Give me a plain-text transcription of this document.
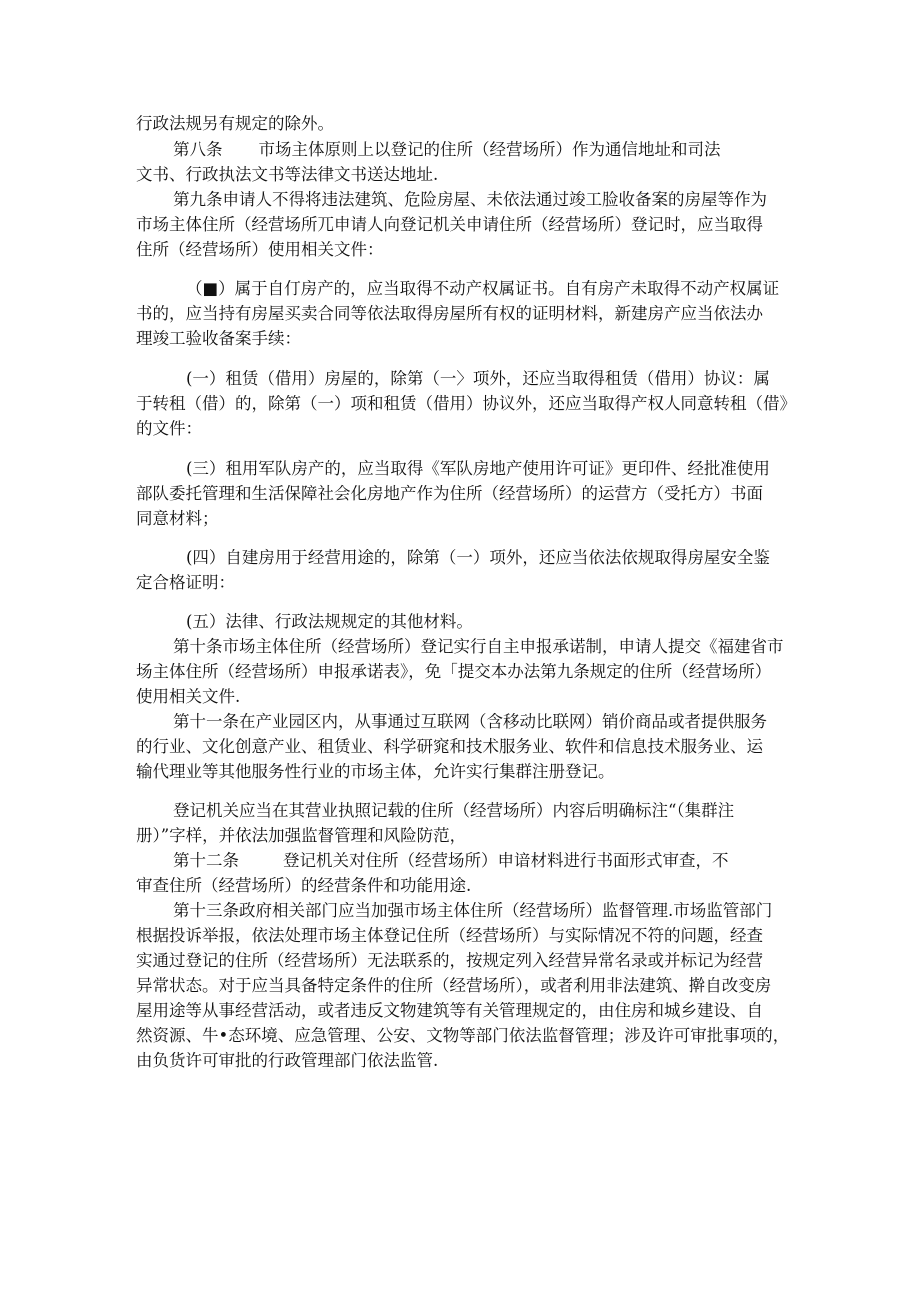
行政法规另有规定的除外。
第八条 市场主体原则上以登记的住所（经营场所）作为通信地址和司法
文书、行政执法文书等法律文书送达地址.
第九条申请人不得将违法建筑、危险房屋、未依法通过竣工脸收备案的房屋等作为
市场主体住所（经营场所兀申请人向登记机关申请住所（经营场所）登记时，应当取得
住所（经营场所）使用相关文件：
（■）属于自仃房产的，应当取得不动产权属证书。自有房产未取得不动产权属证
书的，应当持有房屋买卖合同等依法取得房屋所有权的证明材料，新建房产应当依法办
理竣工验收备案手续：
(一）租赁（借用）房屋的，除第（一〉项外，还应当取得租赁（借用）协议：属
于转租（借）的，除第（一）项和租赁（借用）协议外，还应当取得产权人同意转租（借》
的文件：
(三）租用军队房产的，应当取得《军队房地产使用许可证》更印件、经批准使用
部队委托管理和生活保障社会化房地产作为住所（经营场所）的运营方（受托方）书面
同意材料；
(四）自建房用于经营用途的，除第（一）项外，还应当依法依规取得房屋安全鉴
定合格证明：
(五）法律、行政法规规定的其他材料。
第十条市场主体住所（经营场所）登记实行自主申报承诺制，申请人提交《福建省市
场主体住所（经营场所）申报承诺表》，免「提交本办法第九条规定的住所（经营场所）
使用相关文件.
第十一条在产业园区内，从事通过互联网（含移动比联网）销价商品或者提供服务
的行业、文化创意产业、租赁业、科学研窕和技术服务业、软件和信息技术服务业、运
输代理业等其他服务性行业的市场主体，允许实行集群注册登记。
登记机关应当在其营业执照记载的住所（经营场所）内容后明确标注“（集群注
册）”字样，并依法加强监督管理和风险防范，
第十二条	登记机关对住所（经营场所）申谙材料进行书面形式审查，不
审查住所（经营场所）的经营条件和功能用途.
第十三条政府相关部门应当加强市场主体住所（经营场所）监督管理.市场监管部门
根据投诉举报，依法处理市场主体登记住所（经营场所）与实际情况不符的问题，经查
实通过登记的住所（经营场所）无法联系的，按规定列入经营异常名录或并标记为经营
异常状态。对于应当具备特定条件的住所（经营场所），或者利用非法建筑、擀自改变房
屋用途等从事经营活动，或者违反文物建筑等有关管理规定的，由住房和城乡建设、自
然资源、牛•态环境、应急管理、公安、文物等部门依法监督管理；涉及许可审批事项的，
由负货许可审批的行政管理部门依法监管.
